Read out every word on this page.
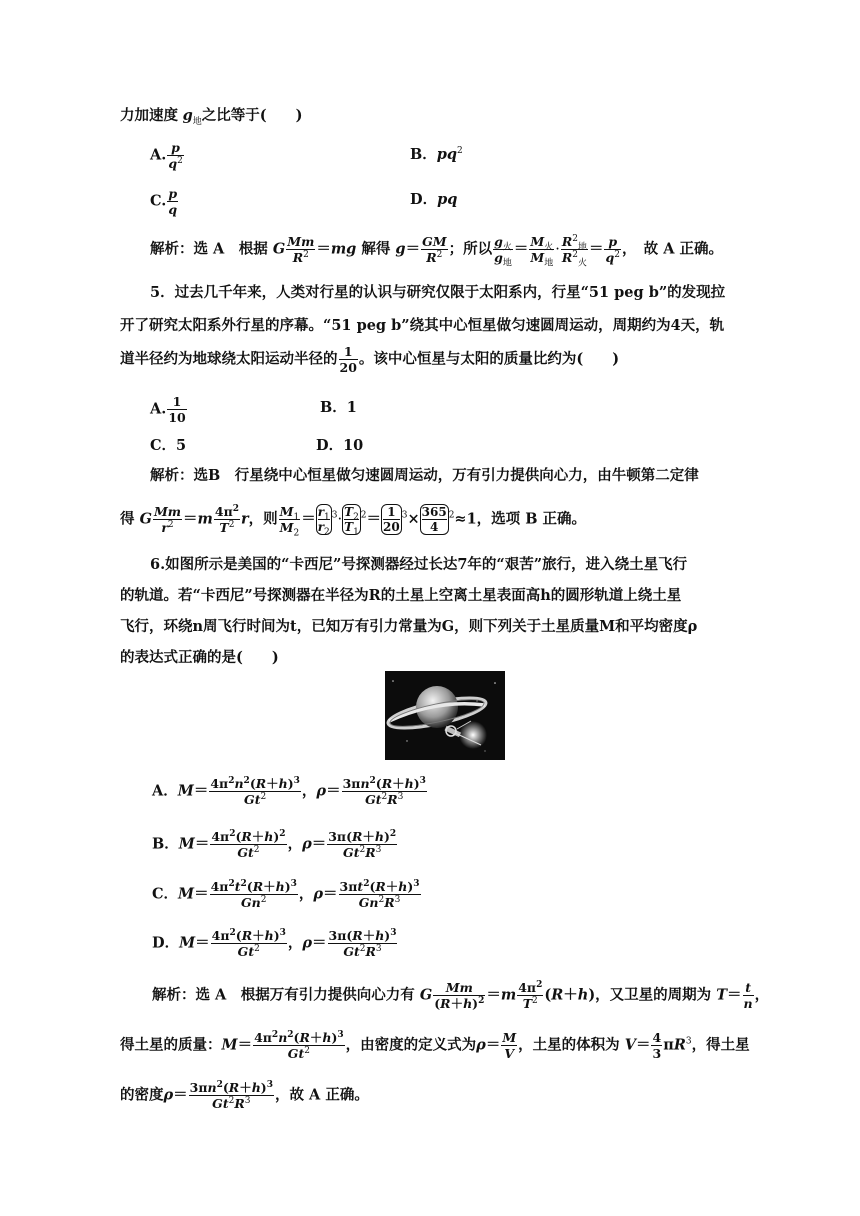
力加速度 $g_地$之比等于(　　)
A. $\frac{p}{q^2}$	B．$pq^2$
C. $\frac{p}{q}$	D．pq
解析：选 A　根据 G $\frac{Mm}{R^2} =mg$ 解得 $g= \frac{GM}{R^2}$ ；所以 $\frac{g_火}{g_地} = \frac{M_火}{M_地} \cdot \frac{R^2_地}{R^2_火} = \frac{p}{q^2}$ ，　故 A 正确。
5．过去几千年来，人类对行星的认识与研究仅限于太阳系内，行星“51 peg b”的发现拉
开了研究太阳系外行星的序幕。“51 peg b”绕其中心恒星做匀速圆周运动，周期约为4天，轨
道半径约为地球绕太阳运动半径的 $\frac{1}{20}$ 。该中心恒星与太阳的质量比约为(　　)
A. $\frac{1}{10}$	B．1
C．5	D．10
解析：选B　行星绕中心恒星做匀速圆周运动，万有引力提供向心力，由牛顿第二定律
得 G $\frac{Mm}{r^2} =m \frac{4\pi^2}{T^2}$ r，则 $\frac{M_1}{M_2} = \frac{r_1}{r_2} ^3\cdot \frac{T_2}{T_1} ^2= \frac{1}{20} ^3\times \frac{365}{4} ^2\approx 1$，选项 B 正确。
6.如图所示是美国的“卡西尼”号探测器经过长达7年的“艰苦”旅行，进入绕土星飞行
的轨道。若“卡西尼”号探测器在半径为R的土星上空离土星表面高h的圆形轨道上绕土星
飞行，环绕n周飞行时间为t，已知万有引力常量为G，则下列关于土星质量M和平均密度ρ
的表达式正确的是(　　)
A．$M= \frac{4\pi^2n^2(R+h)^3}{Gt^2}$ ，$\rho= \frac{3\pi n^2(R+h)^3}{Gt^2R^3}$
B．$M= \frac{4\pi^2(R+h)^2}{Gt^2}$ ，$\rho= \frac{3\pi(R+h)^2}{Gt^2R^3}$
C．$M= \frac{4\pi^2t^2(R+h)^3}{Gn^2}$ ，$\rho= \frac{3\pi t^2(R+h)^3}{Gn^2R^3}$
D．$M= \frac{4\pi^2(R+h)^3}{Gt^2}$ ，$\rho= \frac{3\pi(R+h)^3}{Gt^2R^3}$
解析：选 A　根据万有引力提供向心力有 G $\frac{Mm}{(R+h)^2} =m \frac{4\pi^2}{T^2} (R+h)$，又卫星的周期为 $T= \frac{t}{n}$ ，
得土星的质量：$M= \frac{4\pi^2n^2(R+h)^3}{Gt^2}$ ，由密度的定义式为$\rho= \frac{M}{V}$ ，土星的体积为 $V= \frac{4}{3} \pi R^3$，得土星
的密度$\rho= \frac{3\pi n^2(R+h)^3}{Gt^2R^3}$ ，故 A 正确。
